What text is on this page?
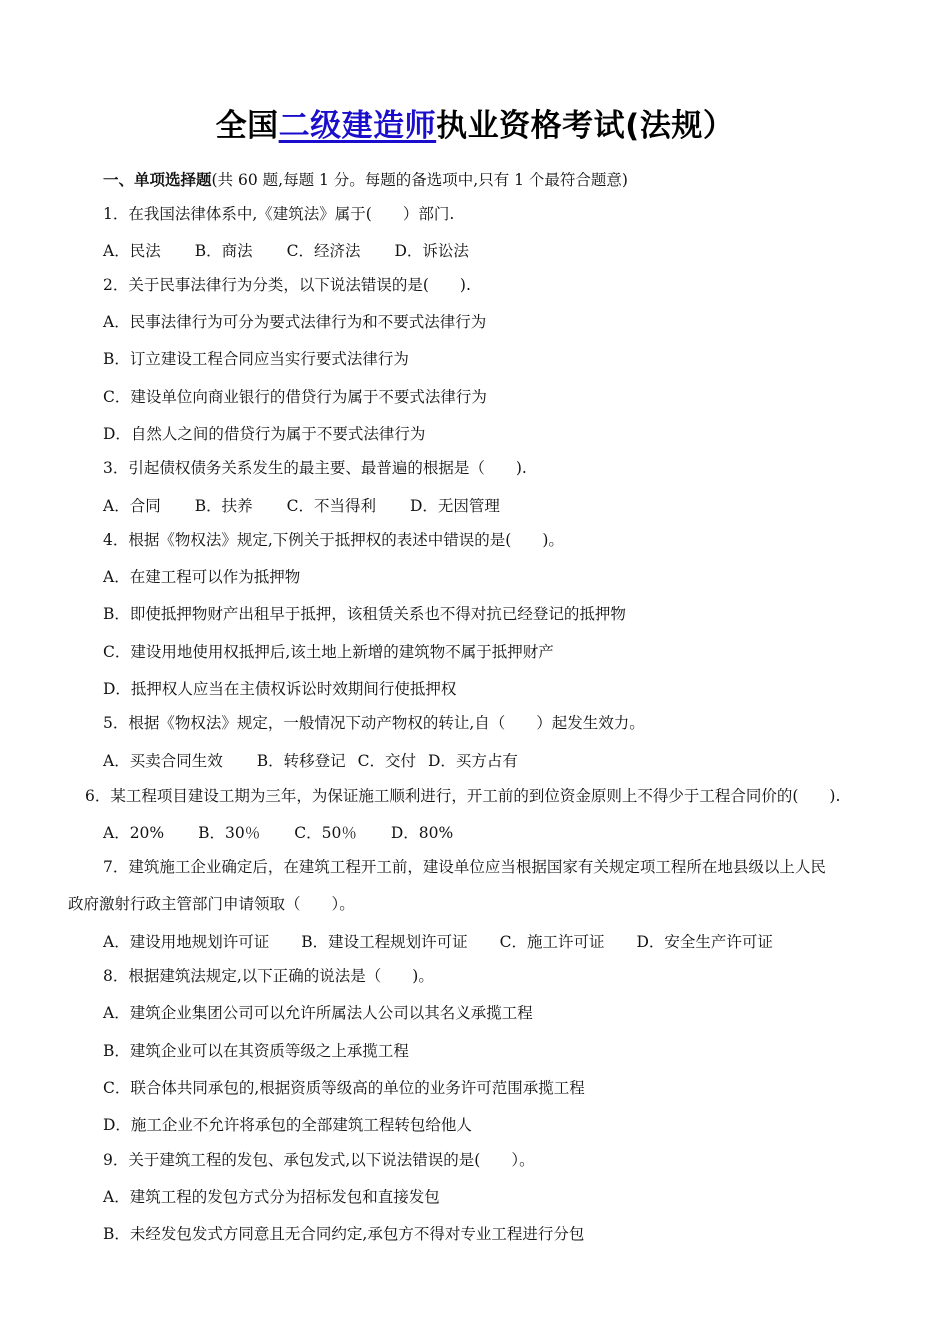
全国二级建造师执业资格考试(法规）
一、单项选择题(共 60 题,每题 1 分。每题的备选项中,只有 1 个最符合题意)
1．在我国法律体系中,《建筑法》属于(　　）部门.
A．民法 B．商法 C．经济法 D．诉讼法
2．关于民事法律行为分类，以下说法错误的是(　　).
A．民事法律行为可分为要式法律行为和不要式法律行为
B．订立建设工程合同应当实行要式法律行为
C．建设单位向商业银行的借贷行为属于不要式法律行为
D．自然人之间的借贷行为属于不要式法律行为
3．引起债权债务关系发生的最主要、最普遍的根据是（　　).
A．合同 B．扶养 C．不当得利 D．无因管理
4．根据《物权法》规定,下例关于抵押权的表述中错误的是(　　)。
A．在建工程可以作为抵押物
B．即使抵押物财产出租早于抵押，该租赁关系也不得对抗已经登记的抵押物
C．建设用地使用权抵押后,该土地上新增的建筑物不属于抵押财产
D．抵押权人应当在主债权诉讼时效期间行使抵押权
5．根据《物权法》规定，一般情况下动产物权的转让,自（　　）起发生效力。
A．买卖合同生效 B．转移登记 C．交付 D．买方占有
6．某工程项目建设工期为三年，为保证施工顺利进行，开工前的到位资金原则上不得少于工程合同价的(　　).
A．20% B．30％ C．50％ D．80%
7．建筑施工企业确定后，在建筑工程开工前，建设单位应当根据国家有关规定项工程所在地县级以上人民
政府激射行政主管部门申请领取（　　）。
A．建设用地规划许可证 B．建设工程规划许可证 C．施工许可证 D．安全生产许可证
8．根据建筑法规定,以下正确的说法是（　　)。
A．建筑企业集团公司可以允许所属法人公司以其名义承揽工程
B．建筑企业可以在其资质等级之上承揽工程
C．联合体共同承包的,根据资质等级高的单位的业务许可范围承揽工程
D．施工企业不允许将承包的全部建筑工程转包给他人
9．关于建筑工程的发包、承包发式,以下说法错误的是(　　）。
A．建筑工程的发包方式分为招标发包和直接发包
B．未经发包发式方同意且无合同约定,承包方不得对专业工程进行分包
